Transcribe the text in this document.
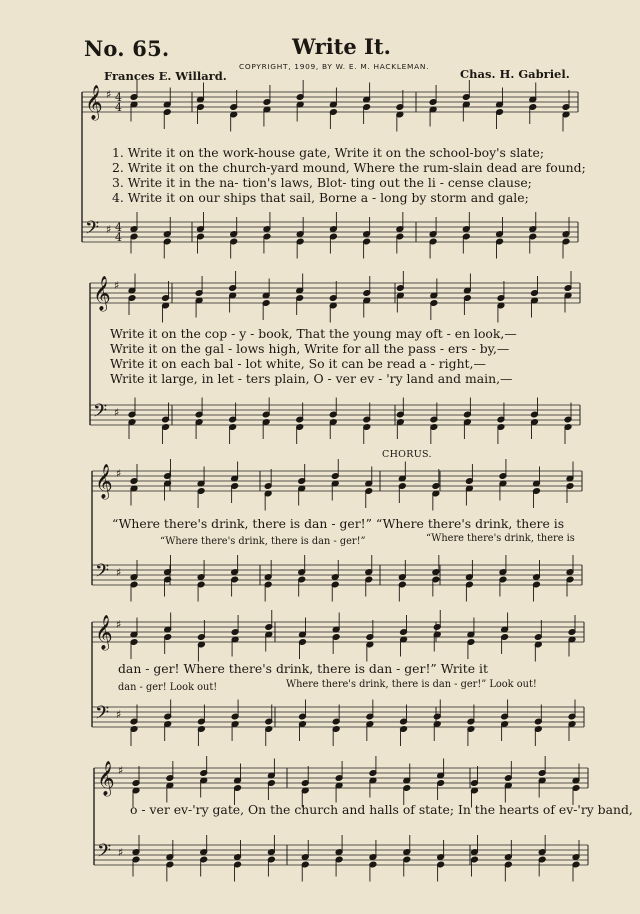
𝄞
𝄢
♯
♯
4
4
4
4
𝄞
𝄢
♯
♯
𝄞
𝄢
♯
♯
𝄞
𝄢
♯
♯
𝄞
𝄢
♯
♯
No. 65.	Write It.
COPYRIGHT, 1909, BY W. E. M. HACKLEMAN.
Frances E. Willard.	Chas. H. Gabriel.
1. Write it on the work-house gate, Write it on the school-boy's slate;
2. Write it on the church-yard mound, Where the rum-slain dead are found;
3. Write it in the na- tion's laws, Blot- ting out the li - cense clause;
4. Write it on our ships that sail, Borne a - long by storm and gale;
Write it on the cop - y - book, That the young may oft - en look,—
Write it on the gal - lows high, Write for all the pass - ers - by,—
Write it on each bal - lot white, So it can be read a - right,—
Write it large, in let - ters plain, O - ver ev - 'ry land and main,—
CHORUS.
“Where there's drink, there is dan - ger!” “Where there's drink, there is
“Where there's drink, there is dan - ger!”	“Where there's drink, there is
dan - ger! Where there's drink, there is dan - ger!” Write it
dan - ger! Look out!	Where there's drink, there is dan - ger!” Look out!
o - ver ev-'ry gate, On the church and halls of state; In the hearts of ev-'ry band,
